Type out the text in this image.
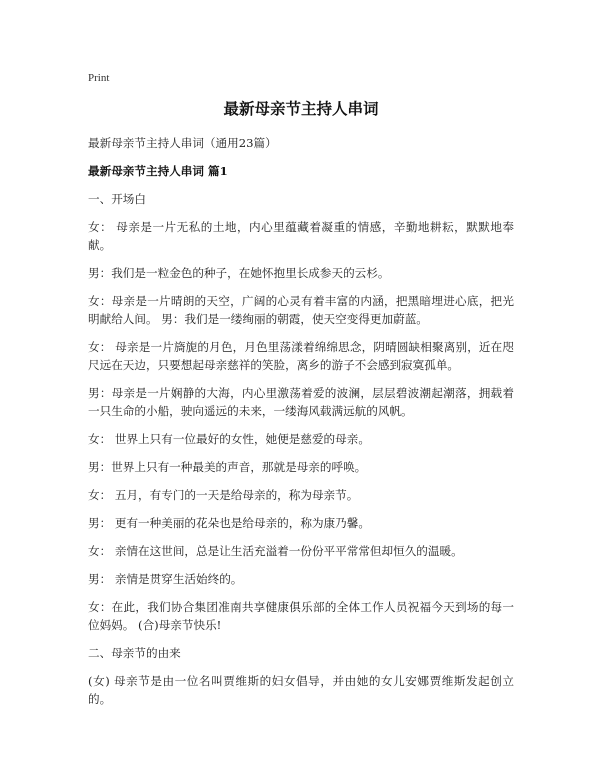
Print
最新母亲节主持人串词
最新母亲节主持人串词（通用23篇）
最新母亲节主持人串词 篇1
一、开场白
女： 母亲是一片无私的土地，内心里蕴藏着凝重的情感，辛勤地耕耘，默默地奉献。
男：我们是一粒金色的种子，在她怀抱里长成参天的云杉。
女：母亲是一片晴朗的天空，广阔的心灵有着丰富的内涵，把黑暗埋进心底，把光明献给人间。 男：我们是一缕绚丽的朝霞，使天空变得更加蔚蓝。
女： 母亲是一片旖旎的月色，月色里荡漾着绵绵思念，阴晴圆缺相聚离别，近在咫尺远在天边，只要想起母亲慈祥的笑脸，离乡的游子不会感到寂寞孤单。
男：母亲是一片娴静的大海，内心里激荡着爱的波澜，层层碧波潮起潮落，拥载着一只生命的小船，驶向遥远的未来，一缕海风载满远航的风帆。
女： 世界上只有一位最好的女性，她便是慈爱的母亲。
男：世界上只有一种最美的声音，那就是母亲的呼唤。
女： 五月，有专门的一天是给母亲的，称为母亲节。
男： 更有一种美丽的花朵也是给母亲的，称为康乃馨。
女： 亲情在这世间，总是让生活充溢着一份份平平常常但却恒久的温暖。
男： 亲情是贯穿生活始终的。
女：在此，我们协合集团准南共享健康俱乐部的全体工作人员祝福今天到场的每一位妈妈。 (合)母亲节快乐!
二、母亲节的由来
(女) 母亲节是由一位名叫贾维斯的妇女倡导，并由她的女儿安娜贾维斯发起创立的。
